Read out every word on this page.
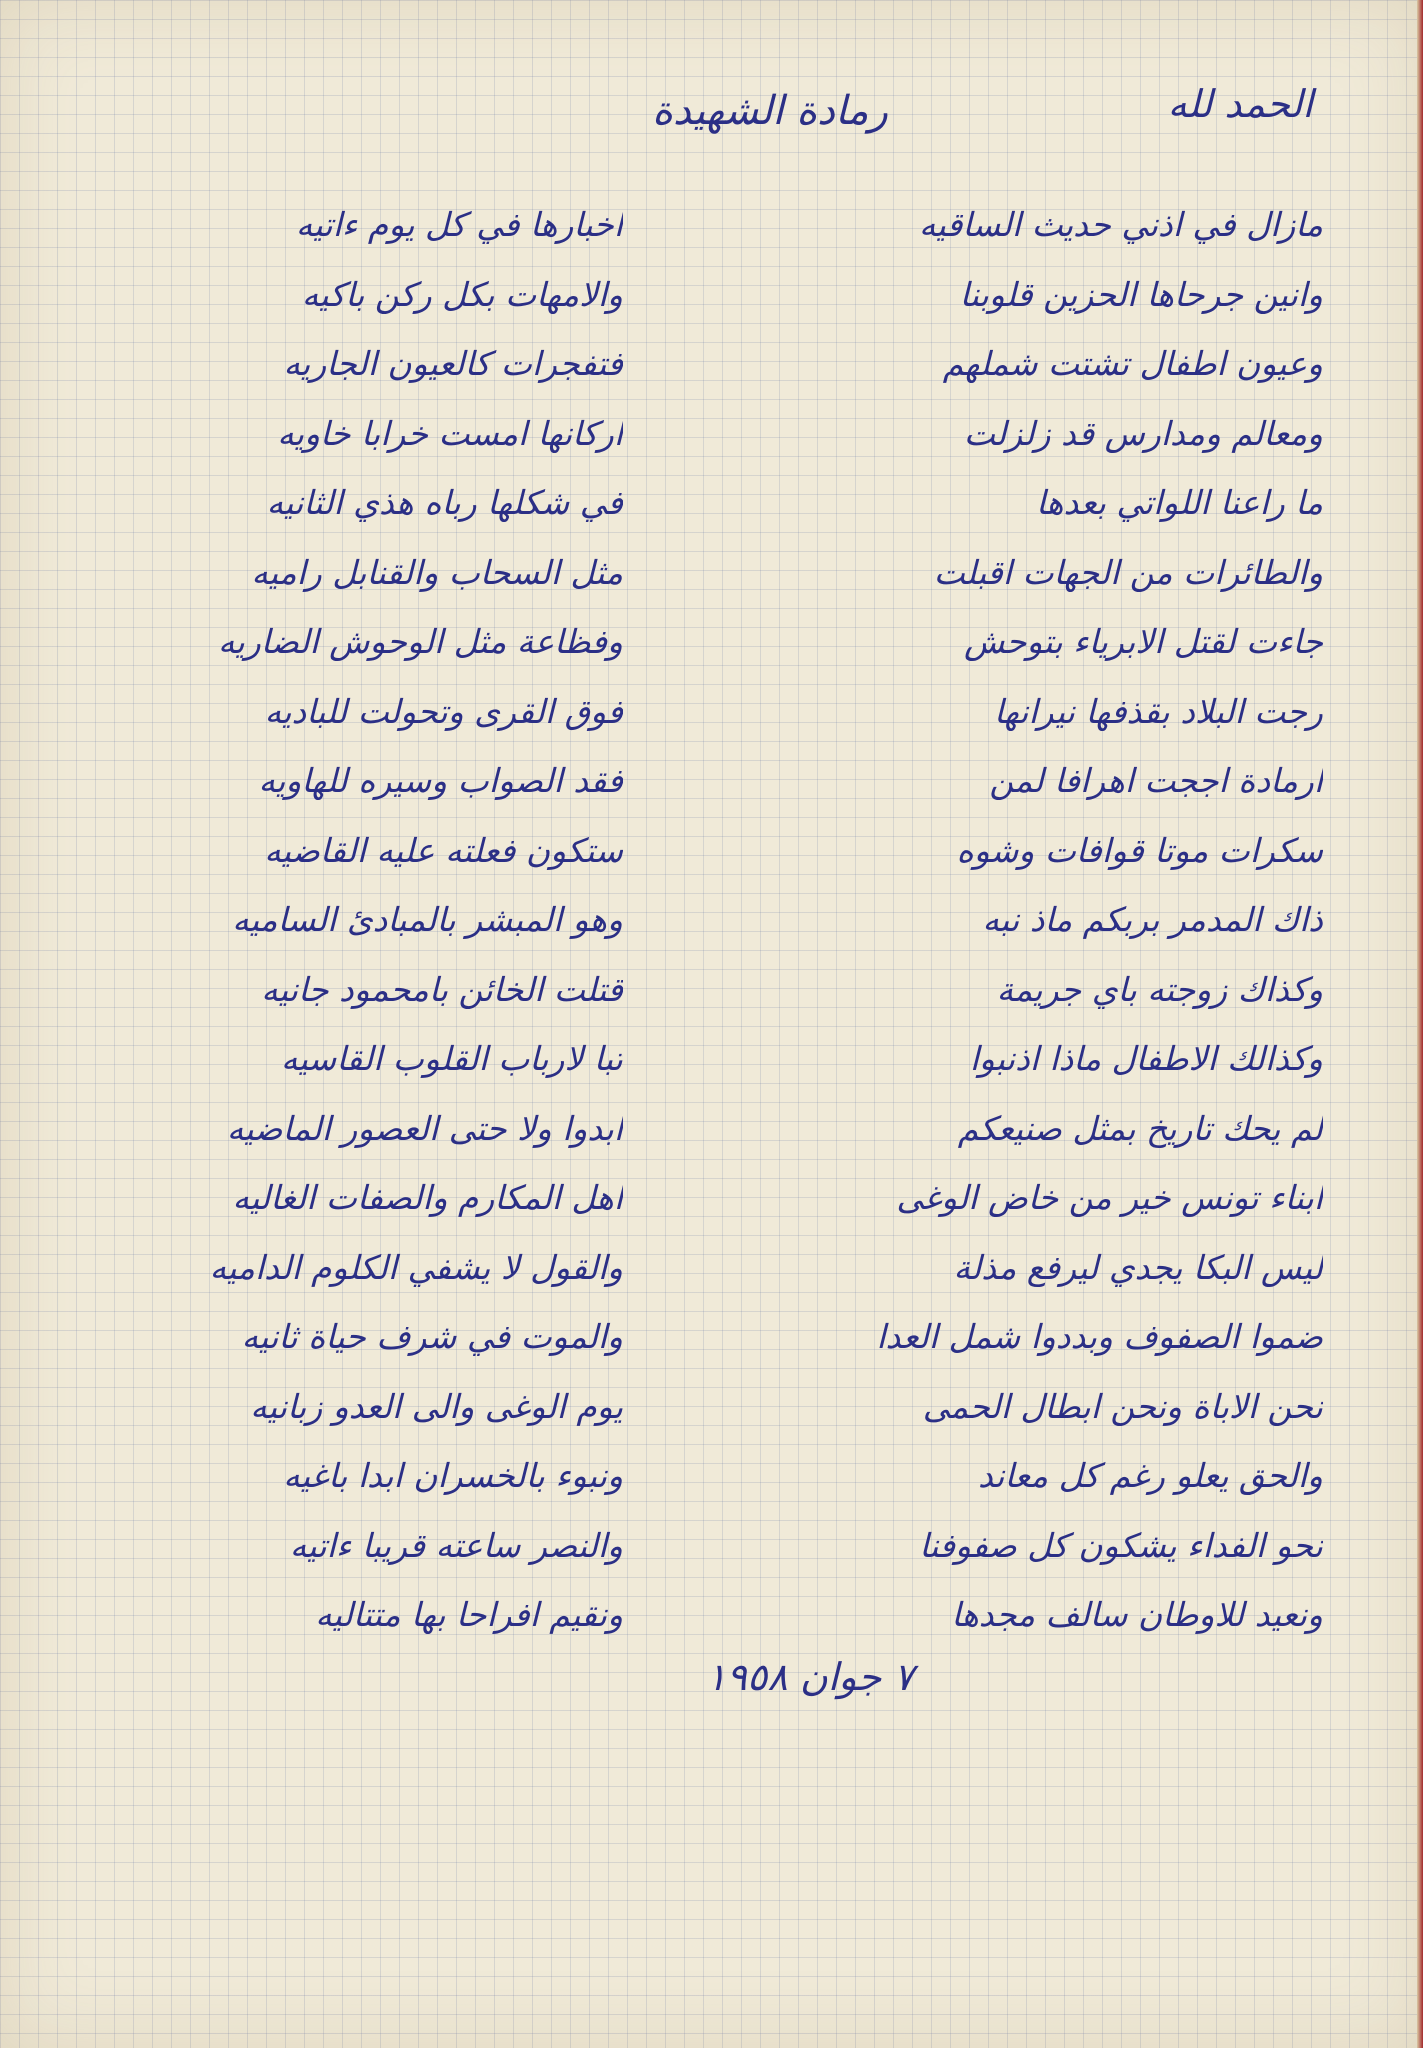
الحمد لله
رمادة الشهيدة
مازال في اذني حديث الساقيه
وانين جرحاها الحزين قلوبنا
وعيون اطفال تشتت شملهم
ومعالم ومدارس قد زلزلت
ما راعنا اللواتي بعدها
والطائرات من الجهات اقبلت
جاءت لقتل الابرياء بتوحش
رجت البلاد بقذفها نيرانها
ارمادة اججت اهرافا لمن
سكرات موتا قوافات وشوه
ذاك المدمر بربكم ماذ نبه
وكذاك زوجته باي جريمة
وكذالك الاطفال ماذا اذنبوا
لم يحك تاريخ بمثل صنيعكم
ابناء تونس خير من خاض الوغى
ليس البكا يجدي ليرفع مذلة
ضموا الصفوف وبددوا شمل العدا
نحن الاباة ونحن ابطال الحمى
والحق يعلو رغم كل معاند
نحو الفداء يشكون كل صفوفنا
ونعيد للاوطان سالف مجدها
اخبارها في كل يوم ءاتيه
والامهات بكل ركن باكيه
فتفجرات كالعيون الجاريه
اركانها امست خرابا خاويه
في شكلها رباه هذي الثانيه
مثل السحاب والقنابل راميه
وفظاعة مثل الوحوش الضاريه
فوق القرى وتحولت للباديه
فقد الصواب وسيره للهاويه
ستكون فعلته عليه القاضيه
وهو المبشر بالمبادئ الساميه
قتلت الخائن بامحمود جانيه
تبا لارباب القلوب القاسيه
ابدوا ولا حتى العصور الماضيه
اهل المكارم والصفات الغاليه
والقول لا يشفي الكلوم الداميه
والموت في شرف حياة ثانيه
يوم الوغى والى العدو زبانيه
ونبوء بالخسران ابدا باغيه
والنصر ساعته قريبا ءاتيه
ونقيم افراحا بها متتاليه
٧ جوان ١٩٥٨
